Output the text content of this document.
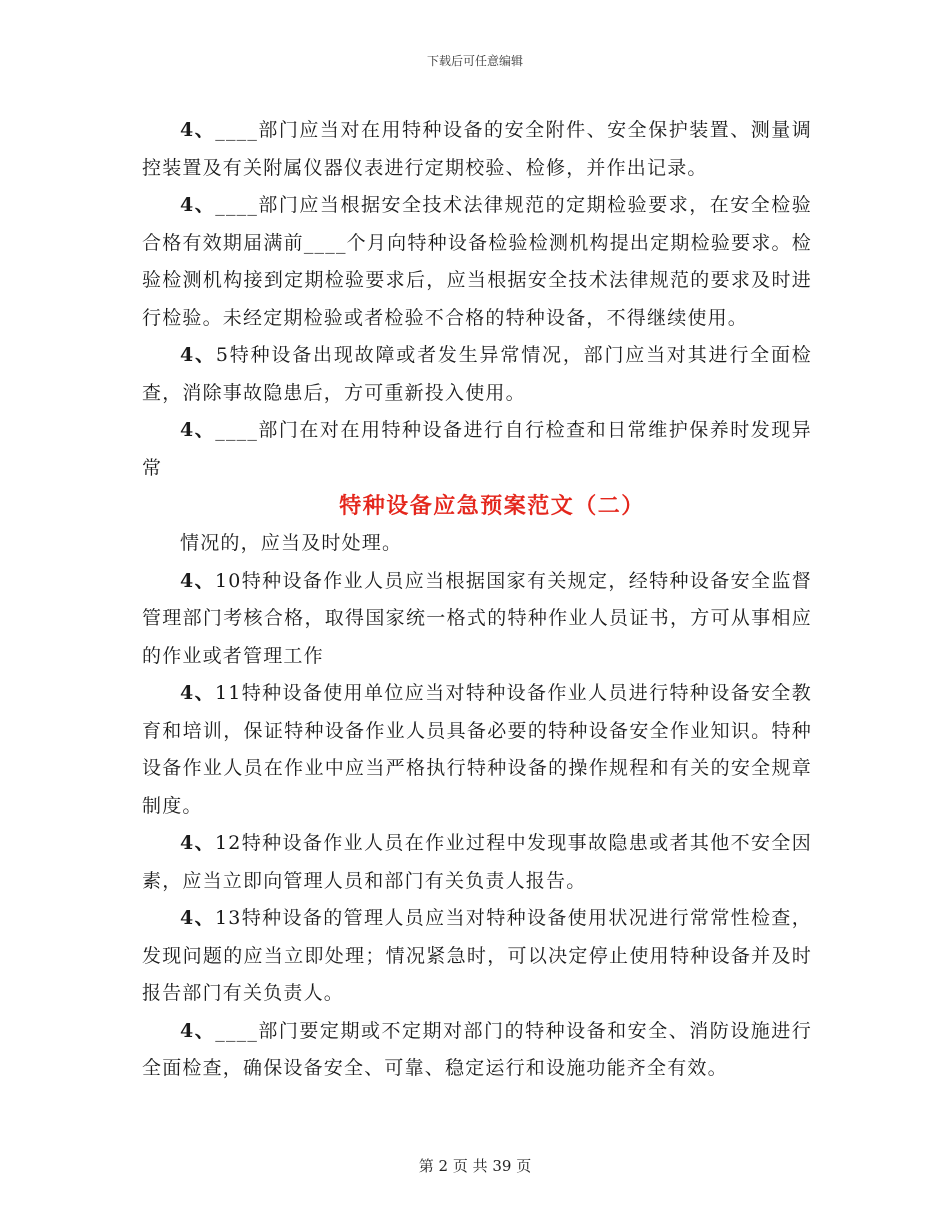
下载后可任意编辑

4、____部门应当对在用特种设备的安全附件、安全保护装置、测量调控装置及有关附属仪器仪表进行定期校验、检修，并作出记录。

4、____部门应当根据安全技术法律规范的定期检验要求，在安全检验合格有效期届满前____个月向特种设备检验检测机构提出定期检验要求。检验检测机构接到定期检验要求后，应当根据安全技术法律规范的要求及时进行检验。未经定期检验或者检验不合格的特种设备，不得继续使用。

4、5特种设备出现故障或者发生异常情况，部门应当对其进行全面检查，消除事故隐患后，方可重新投入使用。

4、____部门在对在用特种设备进行自行检查和日常维护保养时发现异常

特种设备应急预案范文（二）

情况的，应当及时处理。

4、10特种设备作业人员应当根据国家有关规定，经特种设备安全监督管理部门考核合格，取得国家统一格式的特种作业人员证书，方可从事相应的作业或者管理工作

4、11特种设备使用单位应当对特种设备作业人员进行特种设备安全教育和培训，保证特种设备作业人员具备必要的特种设备安全作业知识。特种设备作业人员在作业中应当严格执行特种设备的操作规程和有关的安全规章制度。

4、12特种设备作业人员在作业过程中发现事故隐患或者其他不安全因素，应当立即向管理人员和部门有关负责人报告。

4、13特种设备的管理人员应当对特种设备使用状况进行常常性检查，发现问题的应当立即处理；情况紧急时，可以决定停止使用特种设备并及时报告部门有关负责人。

4、____部门要定期或不定期对部门的特种设备和安全、消防设施进行全面检查，确保设备安全、可靠、稳定运行和设施功能齐全有效。

第 2 页 共 39 页
